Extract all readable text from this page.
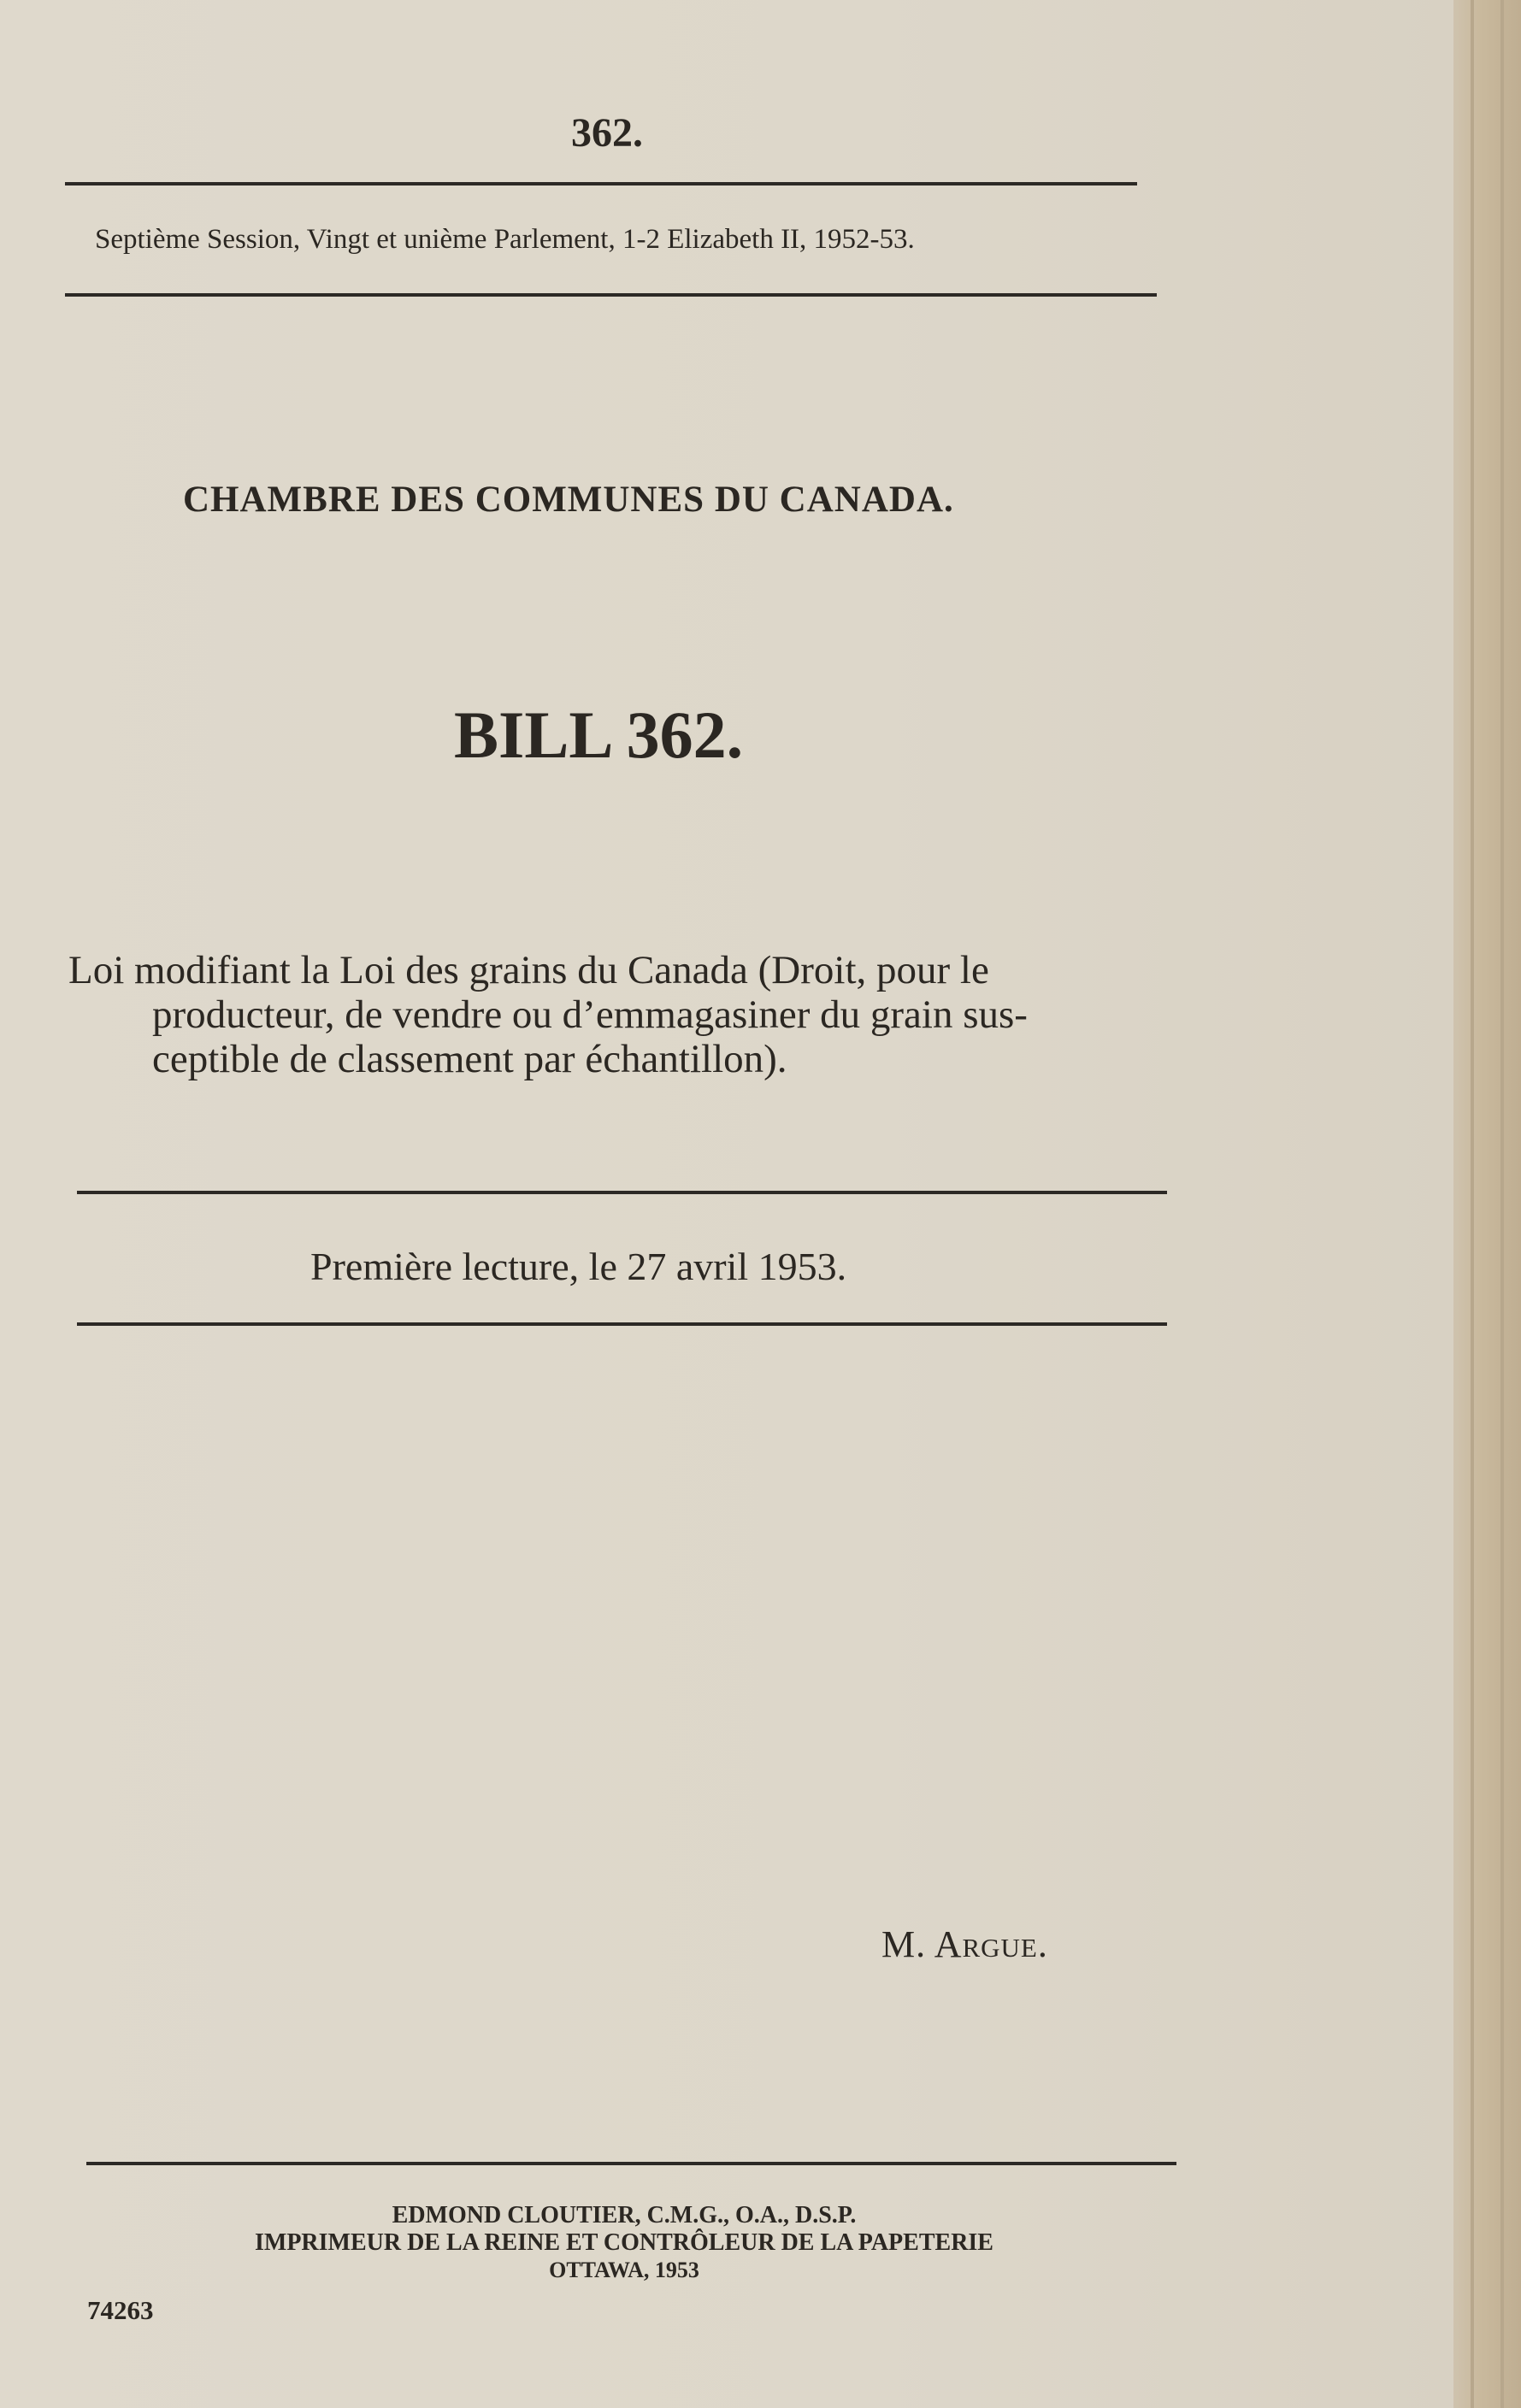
362.
Septième Session, Vingt et unième Parlement, 1-2 Elizabeth II, 1952-53.
CHAMBRE DES COMMUNES DU CANADA.
BILL 362.
Loi modifiant la Loi des grains du Canada (Droit, pour le
producteur, de vendre ou d’emmagasiner du grain sus-
ceptible de classement par échantillon).
Première lecture, le 27 avril 1953.
M. Argue.
EDMOND CLOUTIER, C.M.G., O.A., D.S.P.
IMPRIMEUR DE LA REINE ET CONTRÔLEUR DE LA PAPETERIE
OTTAWA, 1953
74263
